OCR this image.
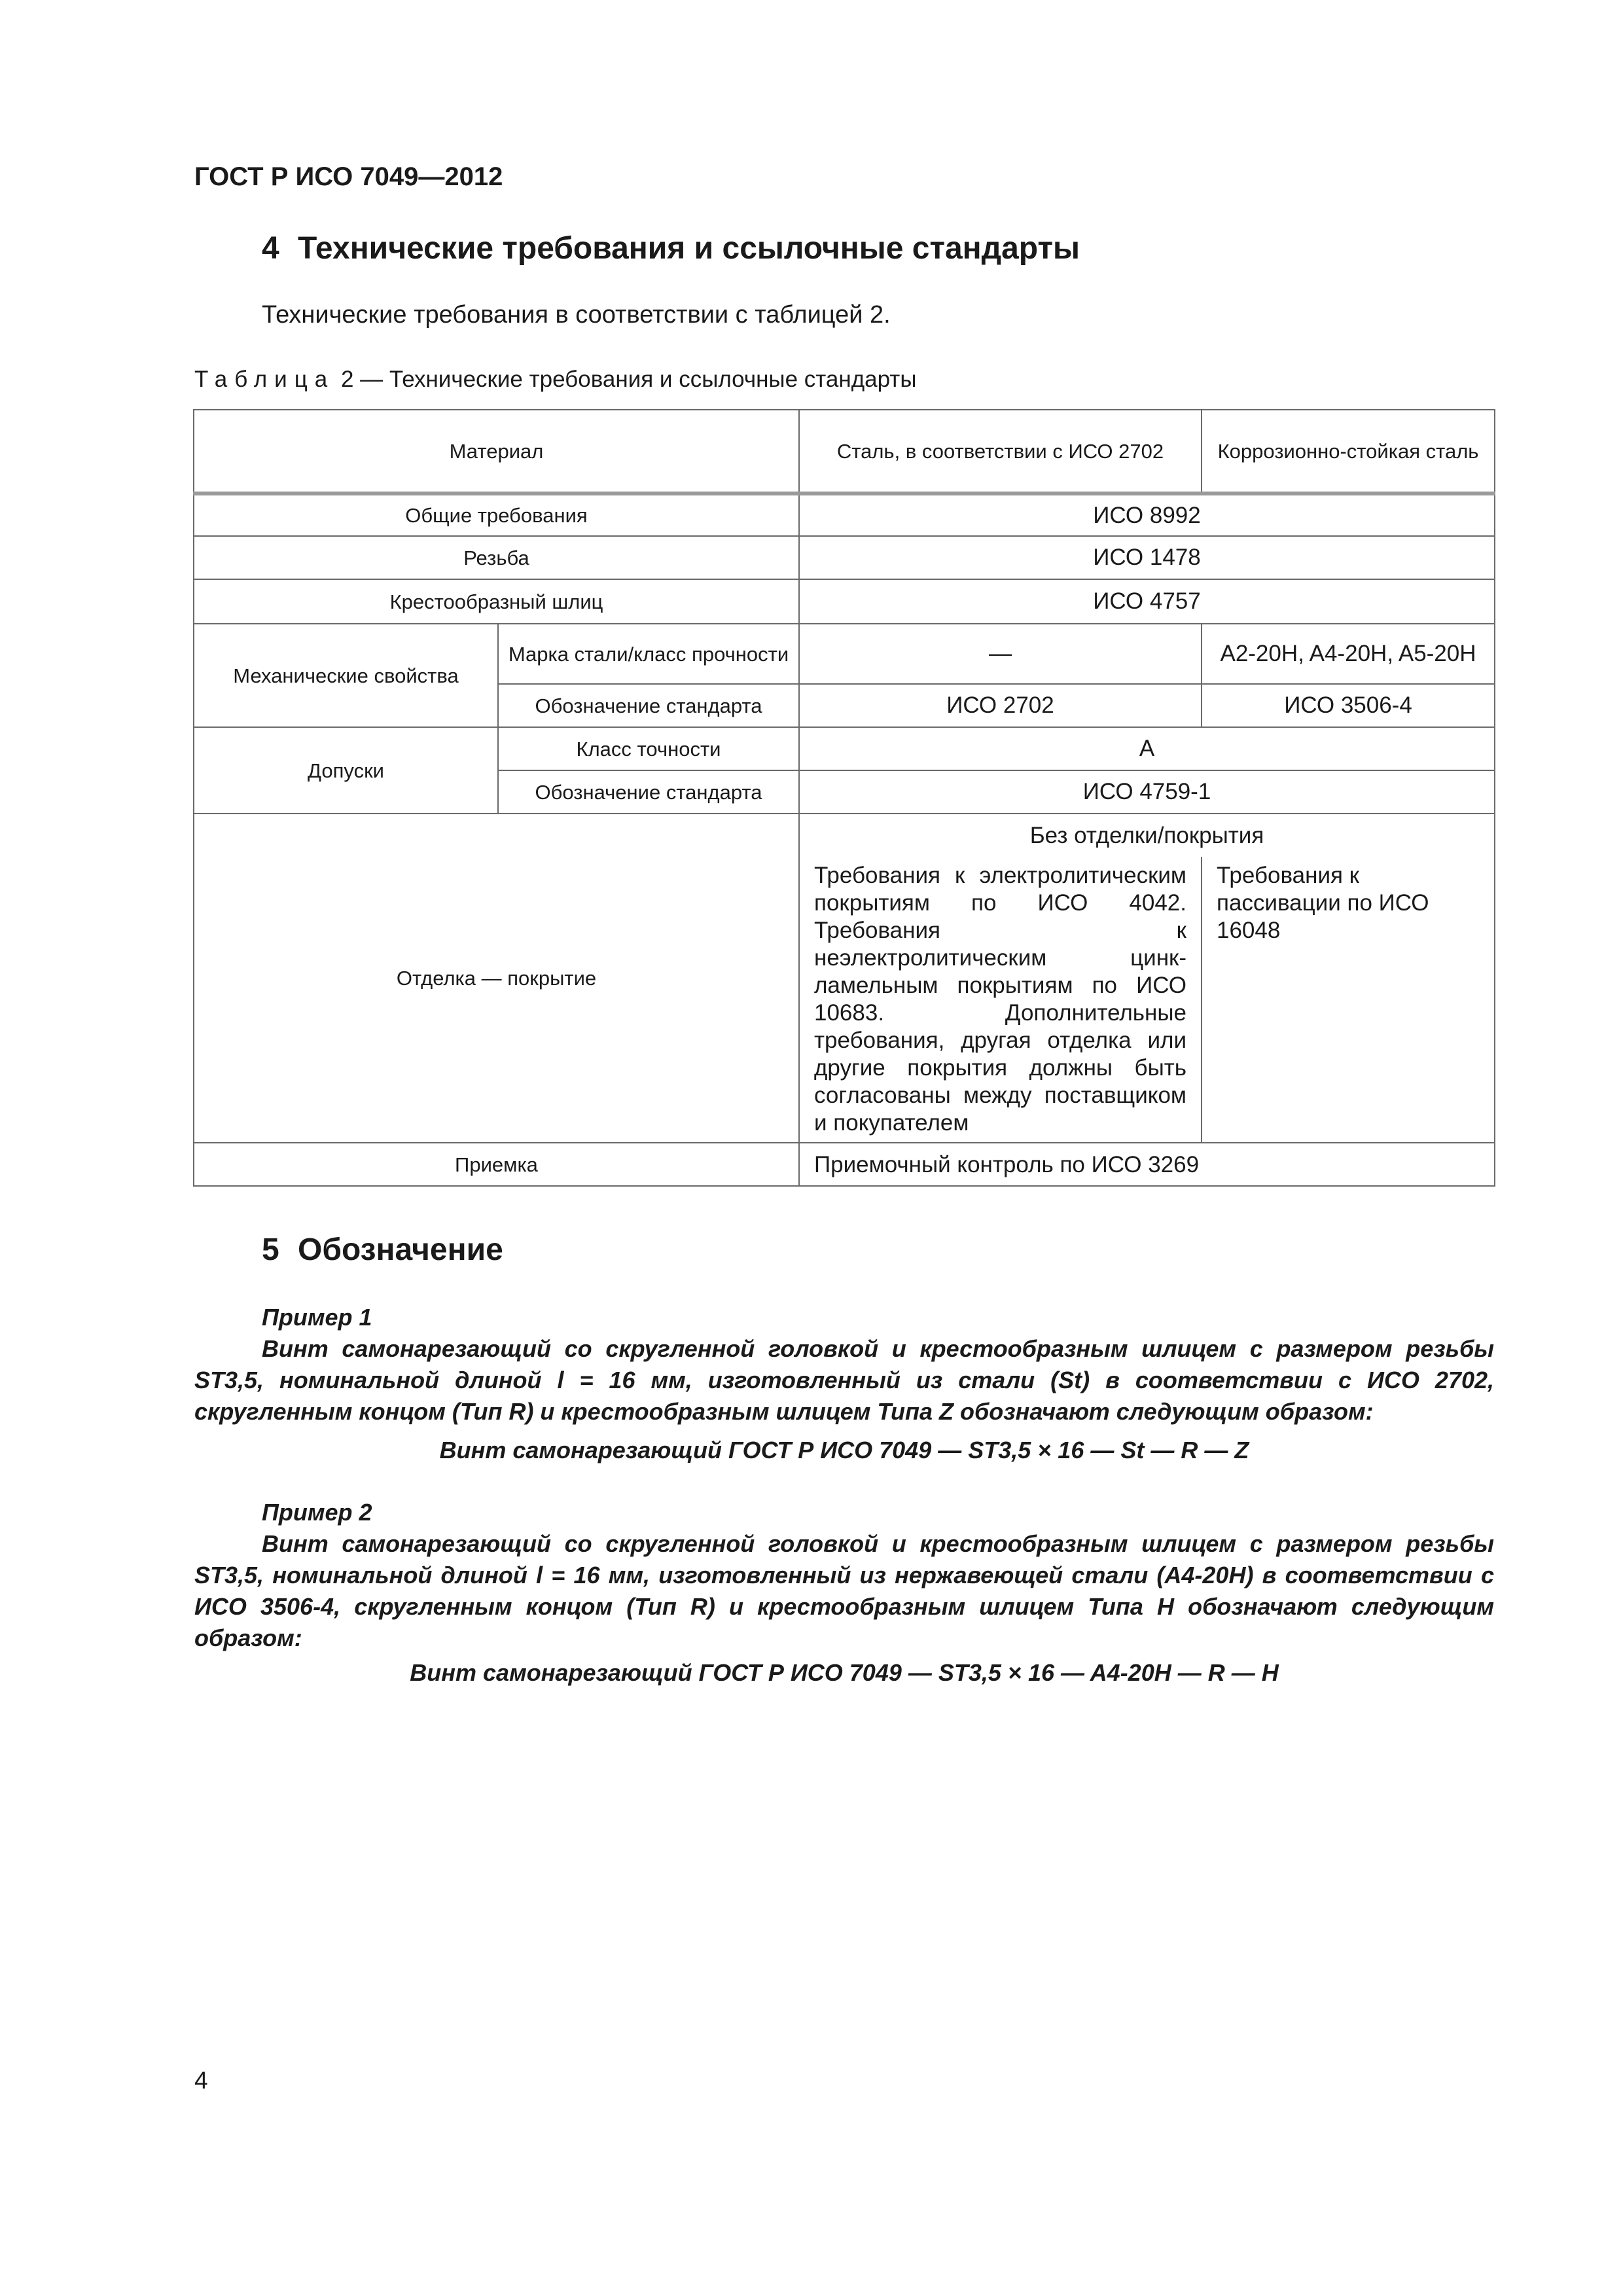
ГОСТ Р ИСО 7049—2012
4 Технические требования и ссылочные стандарты
Технические требования в соответствии с таблицей 2.
Таблица 2 — Технические требования и ссылочные стандарты
Материал		Сталь, в соответствии с ИСО 2702	Коррозионно-стойкая сталь
Общие требования		ИСО 8992	
Резьба		ИСО 1478	
Крестообразный шлиц		ИСО 4757	
Механические свойства	Марка стали/класс прочности	—	A2-20H, A4-20H, A5-20H
	Обозначение стандарта	ИСО 2702	ИСО 3506-4
Допуски	Класс точности	A	
	Обозначение стандарта	ИСО 4759-1	
Отделка — покрытие		Без отделки/покрытия	
		Требования к электролитическим покрытиям по ИСО 4042. Требования к неэлектролитическим цинк-ламельным покрытиям по ИСО 10683. Дополнительные требования, другая отделка или другие покрытия должны быть согласованы между поставщиком и покупателем	Требования к пассивации по ИСО 16048
Приемка		Приемочный контроль по ИСО 3269	
5 Обозначение
Пример 1
Винт самонарезающий со скругленной головкой и крестообразным шлицем с размером резьбы ST3,5, номинальной длиной l = 16 мм, изготовленный из стали (St) в соответствии с ИСО 2702, скругленным концом (Тип R) и крестообразным шлицем Типа Z обозначают следующим образом:
Винт самонарезающий ГОСТ Р ИСО 7049 — ST3,5 × 16 — St — R — Z
Пример 2
Винт самонарезающий со скругленной головкой и крестообразным шлицем с размером резьбы ST3,5, номинальной длиной l = 16 мм, изготовленный из нержавеющей стали (A4-20H) в соответствии с ИСО 3506-4, скругленным концом (Тип R) и крестообразным шлицем Типа H обозначают следующим образом:
Винт самонарезающий ГОСТ Р ИСО 7049 — ST3,5 × 16 — A4-20H — R — H
4
